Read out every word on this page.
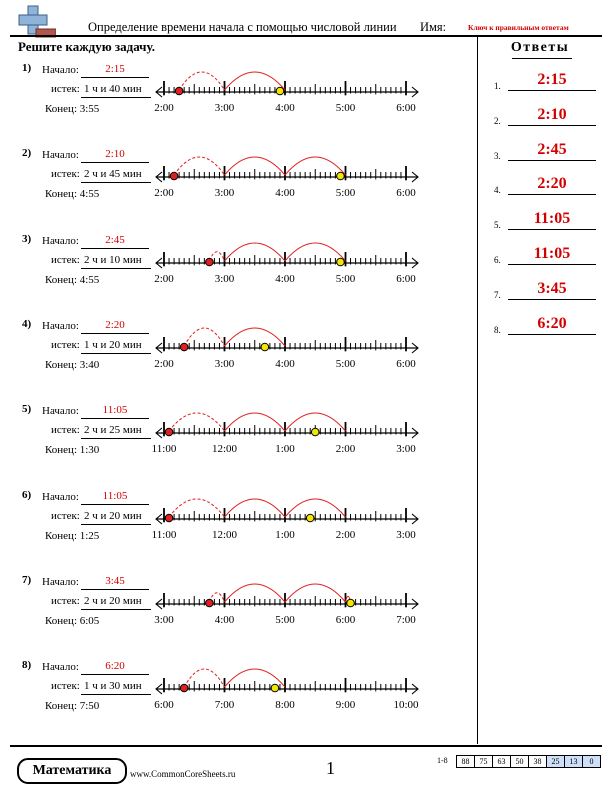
Определение времени начала с помощью числовой линии Имя:	Ключ к правильным ответам
Решите каждую задачу.	Ответы
1.	2:15
2.	2:10
3.	2:45
4.	2:20
5.	11:05
6.	11:05
7.	3:45
8.	6:20
1) Начало:	2:15
истек: 1 ч и 40 мин
Конец: 3:55	2:00	3:00	4:00	5:00	6:00
2) Начало:	2:10
истек: 2 ч и 45 мин
Конец: 4:55	2:00	3:00	4:00	5:00	6:00
3) Начало:	2:45
истек: 2 ч и 10 мин
Конец: 4:55	2:00	3:00	4:00	5:00	6:00
4) Начало:	2:20
истек: 1 ч и 20 мин
Конец: 3:40	2:00	3:00	4:00	5:00	6:00
5) Начало:	11:05
истек: 2 ч и 25 мин
Конец: 1:30	11:00	12:00	1:00	2:00	3:00
6) Начало:	11:05
истек: 2 ч и 20 мин
Конец: 1:25	11:00	12:00	1:00	2:00	3:00
7) Начало:	3:45
истек: 2 ч и 20 мин
Конец: 6:05	3:00	4:00	5:00	6:00	7:00
8) Начало:	6:20
истек: 1 ч и 30 мин
Конец: 7:50	6:00	7:00	8:00	9:00	10:00
Математика	www.CommonCoreSheets.ru	1	1-8	88	75	63	50	38	25	13	0
